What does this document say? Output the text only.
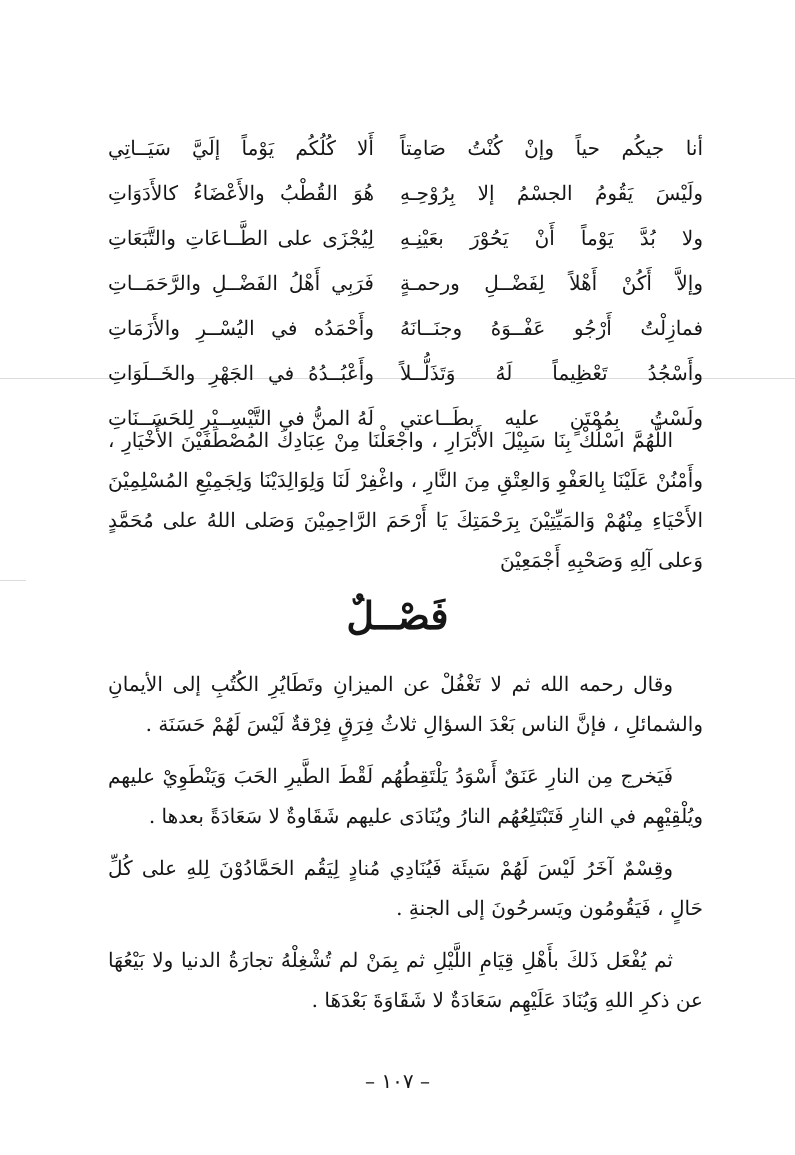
أنا جيكُم حياً وإنْ كُنْتُ صَامِتاً
أَلا كُلُكُم يَوْماً إلَيَّ سَيَــاتِي
ولَيْسَ يَقُومُ الجسْمُ إلا بِرُوْحِـهِ
هُوَ القُطْبُ والأَعْضَاءُ كالأَدَوَاتِ
ولا بُدَّ يَوْماً أَنْ يَحُوْرَ بعَيْنِـهِ
لِيُجْزَى على الطَّــاعَاتِ والتَّبَعَاتِ
وإلاَّ أَكُنْ أَهْلاً لِفَضْــلِ ورحمـةٍ
فَرَبِي أَهْلُ الفَضْــلِ والرَّحَمَــاتِ
فمازِلْتُ أَرْجُو عَفْــوَهُ وجنَــانَهُ
وأَحْمَدُه في اليُسْــرِ والأَزَمَاتِ
وأَسْجُدُ تَعْظِيماً لَهُ وَتَذَلُّــلاً
وأَعْبُــدُهُ في الجَهْرِ والخَــلَوَاتِ
ولَسْتُ بِمُمْتَنٍ عليه بطَــاعتي
لَهُ المنُّ في التَّيْسِــيْرِ لِلحَسَــنَاتِ

اللَّهُمَّ اسْلُكْ بِنَا سَبِيْلَ الأَبْرَارِ ، واجْعَلْنَا مِنْ عِبَادِكَ المُصْطَفَيْنَ الأَخْيَارِ ، وأَمْنُنْ عَلَيْنَا بِالعَفْوِ وَالعِتْقِ مِنَ النَّارِ ، واغْفِرْ لَنَا وَلِوَالِدَيْنَا وَلِجَمِيْعِ المُسْلِمِيْنَ الأَحْيَاءِ مِنْهُمْ وَالمَيِّتِيْنَ بِرَحْمَتِكَ يَا أَرْحَمَ الرَّاحِمِيْنَ وَصَلى اللهُ على مُحَمَّدٍ وَعلى آلِهِ وَصَحْبِهِ أَجْمَعِيْنَ

فَصْــلٌ

وقال رحمه الله ثم لا تَغْفُلْ عن الميزانِ وتَطَايُرِ الكُتُبِ إلى الأيمانِ والشمائلِ ، فإنَّ الناس بَعْدَ السؤالِ ثلاثُ فِرَقٍ فِرْقةٌ لَيْسَ لَهُمْ حَسَنَة .

فَيَخرج مِن النارِ عَنَقٌ أَسْوَدُ يَلْتَقِطُهُم لَقْطَ الطَّيرِ الحَبَ وَيَنْطَوِيْ عليهم ويُلْقِيْهِم في النارِ فَتَبْتَلِعُهُم النارُ ويُنَادَى عليهم شَقَاوةٌ لا سَعَادَةً بعدها .

وقِسْمٌ آخَرُ لَيْسَ لَهُمْ سَيئَة فَيُنَادِي مُنادٍ لِيَقُم الحَمَّادُوْنَ لِلهِ على كُلِّ حَالٍ ، فَيَقُومُون ويَسرحُونَ إلى الجنةِ .

ثم يُفْعَل ذَلكَ بأَهْلِ قِيَامِ اللَّيْلِ ثم بِمَنْ لم تُشْغِلْهُ تجارَةُ الدنيا ولا بَيْعُهَا عن ذكرِ اللهِ وَيُنَادَ عَلَيْهِم سَعَادَةٌ لا شَقَاوَةَ بَعْدَهَا .

– ١٠٧ –
